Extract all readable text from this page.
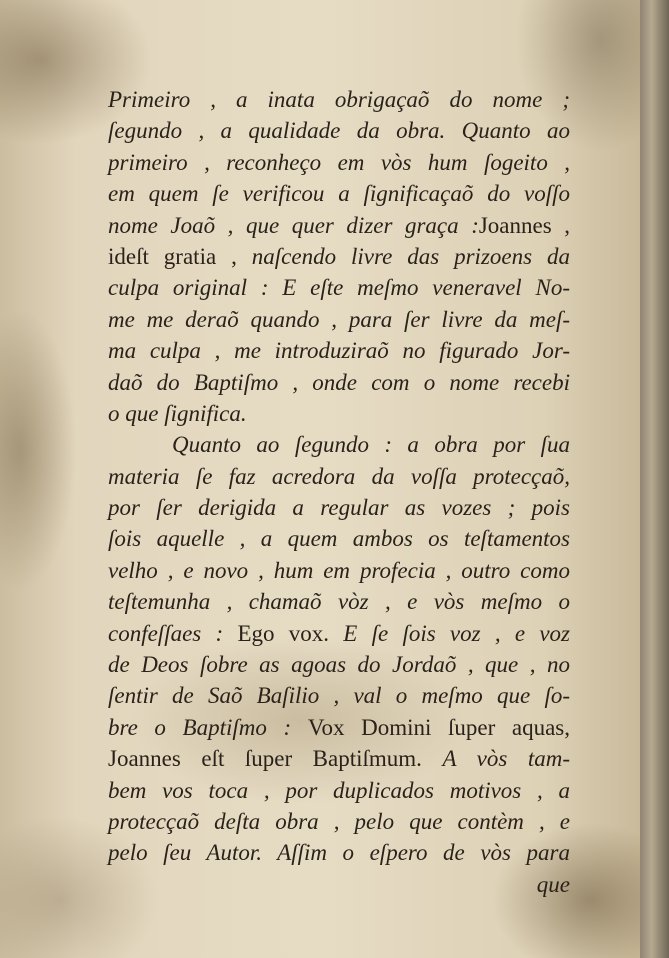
Primeiro , a inata obrigaçaõ do nome ;
ſegundo , a qualidade da obra. Quanto ao
primeiro , reconheço em vòs hum ſogeito ,
em quem ſe verificou a ſignificaçaõ do voſſo
nome Joaõ , que quer dizer graça :Joannes ,
ideſt gratia , naſcendo livre das prizoens da
culpa original : E eſte meſmo veneravel No-
me me deraõ quando , para ſer livre da meſ-
ma culpa , me introduziraõ no figurado Jor-
daõ do Baptiſmo , onde com o nome recebi
o que ſignifica.
Quanto ao ſegundo : a obra por ſua
materia ſe faz acredora da voſſa protecçaõ,
por ſer derigida a regular as vozes ; pois
ſois aquelle , a quem ambos os teſtamentos
velho , e novo , hum em profecia , outro como
teſtemunha , chamaõ vòz , e vòs meſmo o
confeſſaes : Ego vox. E ſe ſois voz , e voz
de Deos ſobre as agoas do Jordaõ , que , no
ſentir de Saõ Baſilio , val o meſmo que ſo-
bre o Baptiſmo : Vox Domini ſuper aquas,
Joannes eſt ſuper Baptiſmum. A vòs tam-
bem vos toca , por duplicados motivos , a
protecçaõ deſta obra , pelo que contèm , e
pelo ſeu Autor. Aſſim o eſpero de vòs para
que
